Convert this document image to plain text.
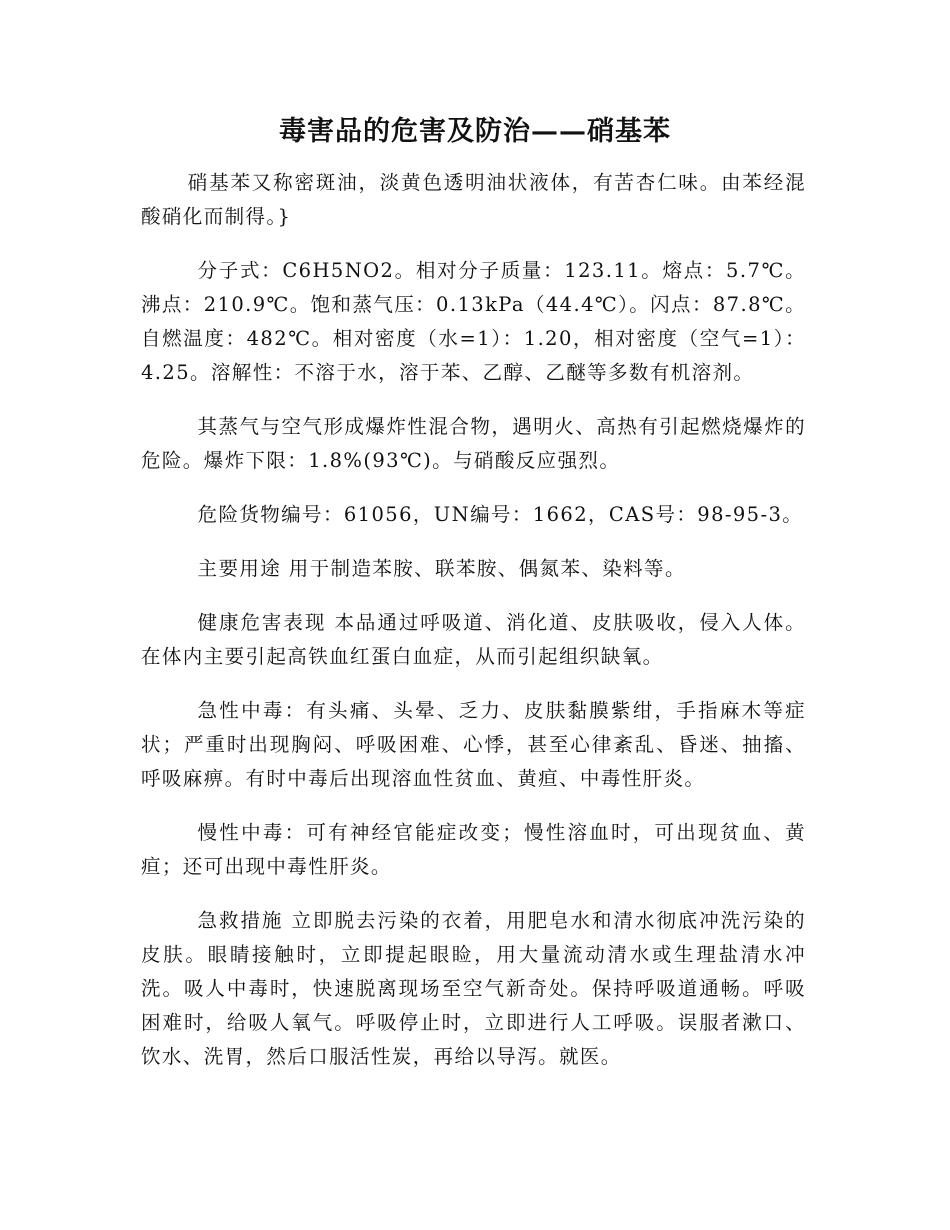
毒害品的危害及防治——硝基苯

硝基苯又称密斑油，淡黄色透明油状液体，有苦杏仁味。由苯经混酸硝化而制得。}

分子式：C6H5NO2。相对分子质量：123.11。熔点：5.7℃。沸点：210.9℃。饱和蒸气压：0.13kPa（44.4℃）。闪点：87.8℃。自燃温度：482℃。相对密度（水=1）：1.20，相对密度（空气=1）：4.25。溶解性：不溶于水，溶于苯、乙醇、乙醚等多数有机溶剂。

其蒸气与空气形成爆炸性混合物，遇明火、高热有引起燃烧爆炸的危险。爆炸下限：1.8%(93℃)。与硝酸反应强烈。

危险货物编号：61056，UN编号：1662，CAS号：98-95-3。

主要用途 用于制造苯胺、联苯胺、偶氮苯、染料等。

健康危害表现 本品通过呼吸道、消化道、皮肤吸收，侵入人体。在体内主要引起高铁血红蛋白血症，从而引起组织缺氧。

急性中毒：有头痛、头晕、乏力、皮肤黏膜紫绀，手指麻木等症状；严重时出现胸闷、呼吸困难、心悸，甚至心律紊乱、昏迷、抽搐、呼吸麻痹。有时中毒后出现溶血性贫血、黄疸、中毒性肝炎。

慢性中毒：可有神经官能症改变；慢性溶血时，可出现贫血、黄疸；还可出现中毒性肝炎。

急救措施 立即脱去污染的衣着，用肥皂水和清水彻底冲洗污染的皮肤。眼睛接触时，立即提起眼睑，用大量流动清水或生理盐清水冲洗。吸人中毒时，快速脱离现场至空气新奇处。保持呼吸道通畅。呼吸困难时，给吸人氧气。呼吸停止时，立即进行人工呼吸。误服者漱口、饮水、洗胃，然后口服活性炭，再给以导泻。就医。
